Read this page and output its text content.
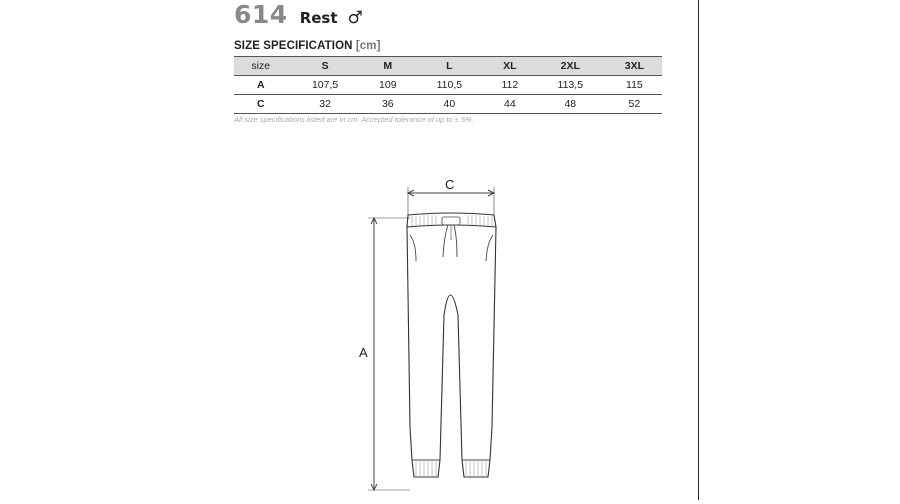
614 Rest ♂
SIZE SPECIFICATION [cm]
size	S	M	L	XL	2XL	3XL
A	107,5	109	110,5	112	113,5	115
C	32	36	40	44	48	52
All size specifications listed are in cm. Accepted tolerance of up to ± 5%.
C
A
